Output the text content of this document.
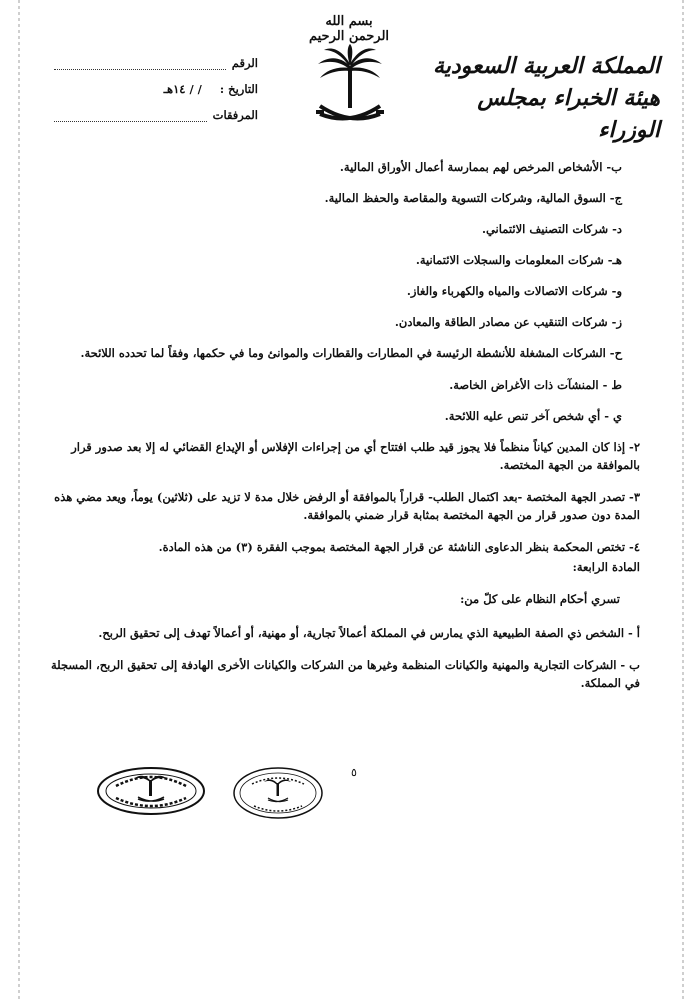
الرقم
التاريخ :
/ / ١٤هـ
المرفقات
بسم الله الرحمن الرحيم
المملكة العربية السعودية
هيئة الخبراء بمجلس الوزراء
ب- الأشخاص المرخص لهم بممارسة أعمال الأوراق المالية.
ج- السوق المالية، وشركات التسوية والمقاصة والحفظ المالية.
د- شركات التصنيف الائتماني.
هـ- شركات المعلومات والسجلات الائتمانية.
و- شركات الاتصالات والمياه والكهرباء والغاز.
ز- شركات التنقيب عن مصادر الطاقة والمعادن.
ح- الشركات المشغلة للأنشطة الرئيسة في المطارات والقطارات والموانئ وما في حكمها، وفقاً لما تحدده اللائحة.
ط - المنشآت ذات الأغراض الخاصة.
ي - أي شخص آخر تنص عليه اللائحة.
٢- إذا كان المدين كياناً منظماً فلا يجوز قيد طلب افتتاح أي من إجراءات الإفلاس أو الإيداع القضائي له إلا بعد صدور قرار بالموافقة من الجهة المختصة.
٣- تصدر الجهة المختصة -بعد اكتمال الطلب- قراراً بالموافقة أو الرفض خلال مدة لا تزيد على (ثلاثين) يوماً، ويعد مضي هذه المدة دون صدور قرار من الجهة المختصة بمثابة قرار ضمني بالموافقة.
٤- تختص المحكمة بنظر الدعاوى الناشئة عن قرار الجهة المختصة بموجب الفقرة (٣) من هذه المادة.
المادة الرابعة:
تسري أحكام النظام على كلّ من:
أ - الشخص ذي الصفة الطبيعية الذي يمارس في المملكة أعمالاً تجارية، أو مهنية، أو أعمالاً تهدف إلى تحقيق الربح.
ب - الشركات التجارية والمهنية والكيانات المنظمة وغيرها من الشركات والكيانات الأخرى الهادفة إلى تحقيق الربح، المسجلة في المملكة.
٥
